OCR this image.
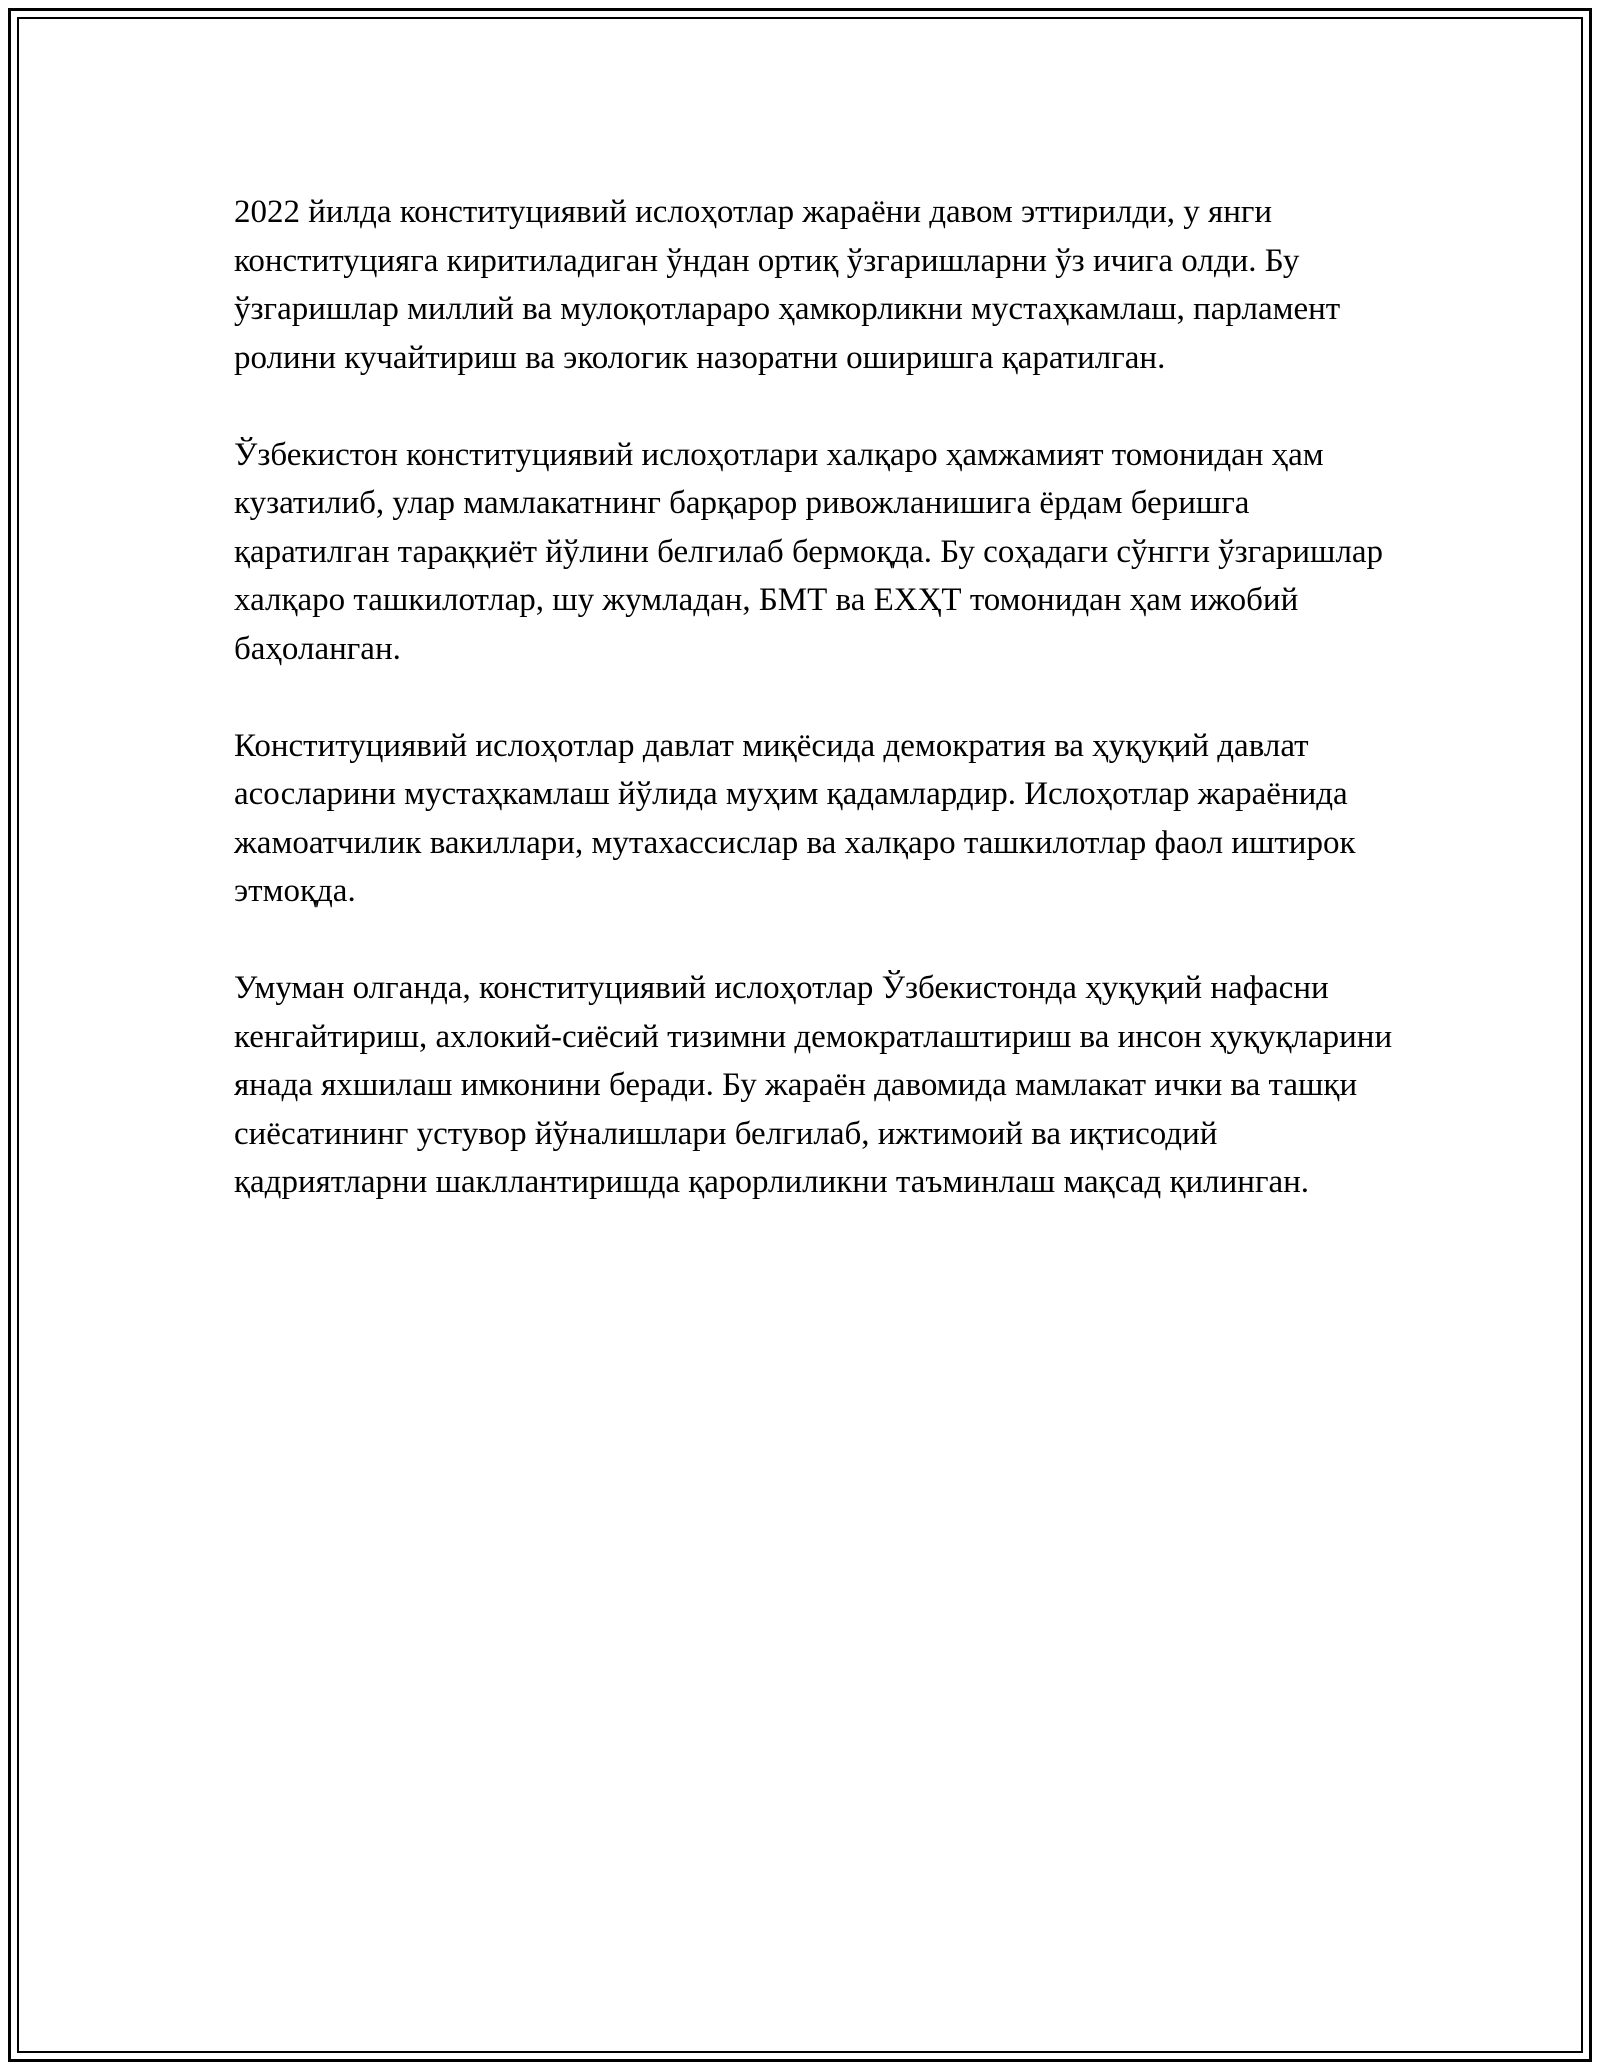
2022 йилда конституциявий ислоҳотлар жараёни давом эттирилди, у янги конституцияга киритиладиган ўндан ортиқ ўзгаришларни ўз ичига олди. Бу ўзгаришлар миллий ва мулоқотлараро ҳамкорликни мустаҳкамлаш, парламент ролини кучайтириш ва экологик назоратни оширишга қаратилган.

Ўзбекистон конституциявий ислоҳотлари халқаро ҳамжамият томонидан ҳам кузатилиб, улар мамлакатнинг барқарор ривожланишига ёрдам беришга қаратилган тараққиёт йўлини белгилаб бермоқда. Бу соҳадаги сўнгги ўзгаришлар халқаро ташкилотлар, шу жумладан, БМТ ва ЕХҲТ томонидан ҳам ижобий баҳоланган.

Конституциявий ислоҳотлар давлат миқёсида демократия ва ҳуқуқий давлат асосларини мустаҳкамлаш йўлида муҳим қадамлардир. Ислоҳотлар жараёнида жамоатчилик вакиллари, мутахассислар ва халқаро ташкилотлар фаол иштирок этмоқда.

Умуман олганда, конституциявий ислоҳотлар Ўзбекистонда ҳуқуқий нафасни кенгайтириш, ахлокий-сиёсий тизимни демократлаштириш ва инсон ҳуқуқларини янада яхшилаш имконини беради. Бу жараён давомида мамлакат ички ва ташқи сиёсатининг устувор йўналишлари белгилаб, ижтимоий ва иқтисодий қадриятларни шакллантиришда қарорлиликни таъминлаш мақсад қилинган.
